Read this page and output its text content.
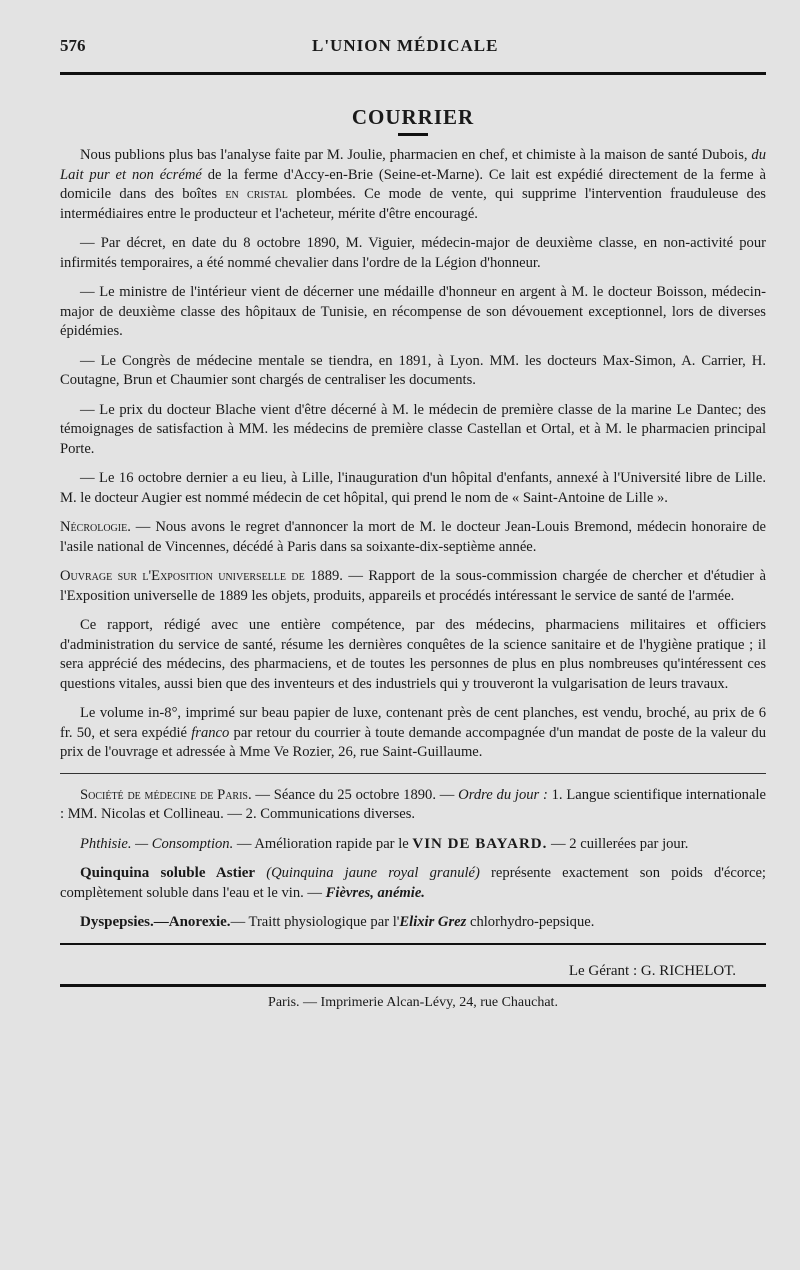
576	L'UNION MÉDICALE
COURRIER

Nous publions plus bas l'analyse faite par M. Joulie, pharmacien en chef, et chimiste à la maison de santé Dubois, du Lait pur et non écrémé de la ferme d'Accy-en-Brie (Seine-et-Marne). Ce lait est expédié directement de la ferme à domicile dans des boîtes en cristal plombées. Ce mode de vente, qui supprime l'intervention frauduleuse des intermédiaires entre le producteur et l'acheteur, mérite d'être encouragé.

— Par décret, en date du 8 octobre 1890, M. Viguier, médecin-major de deuxième classe, en non-activité pour infirmités temporaires, a été nommé chevalier dans l'ordre de la Légion d'honneur.

— Le ministre de l'intérieur vient de décerner une médaille d'honneur en argent à M. le docteur Boisson, médecin-major de deuxième classe des hôpitaux de Tunisie, en récompense de son dévouement exceptionnel, lors de diverses épidémies.

— Le Congrès de médecine mentale se tiendra, en 1891, à Lyon. MM. les docteurs Max-Simon, A. Carrier, H. Coutagne, Brun et Chaumier sont chargés de centraliser les documents.

— Le prix du docteur Blache vient d'être décerné à M. le médecin de première classe de la marine Le Dantec; des témoignages de satisfaction à MM. les médecins de première classe Castellan et Ortal, et à M. le pharmacien principal Porte.

— Le 16 octobre dernier a eu lieu, à Lille, l'inauguration d'un hôpital d'enfants, annexé à l'Université libre de Lille. M. le docteur Augier est nommé médecin de cet hôpital, qui prend le nom de « Saint-Antoine de Lille ».

Nécrologie. — Nous avons le regret d'annoncer la mort de M. le docteur Jean-Louis Bremond, médecin honoraire de l'asile national de Vincennes, décédé à Paris dans sa soixante-dix-septième année.

Ouvrage sur l'Exposition universelle de 1889. — Rapport de la sous-commission chargée de chercher et d'étudier à l'Exposition universelle de 1889 les objets, produits, appareils et procédés intéressant le service de santé de l'armée.

Ce rapport, rédigé avec une entière compétence, par des médecins, pharmaciens militaires et officiers d'administration du service de santé, résume les dernières conquêtes de la science sanitaire et de l'hygiène pratique ; il sera apprécié des médecins, des pharmaciens, et de toutes les personnes de plus en plus nombreuses qu'intéressent ces questions vitales, aussi bien que des inventeurs et des industriels qui y trouveront la vulgarisation de leurs travaux.

Le volume in-8°, imprimé sur beau papier de luxe, contenant près de cent planches, est vendu, broché, au prix de 6 fr. 50, et sera expédié franco par retour du courrier à toute demande accompagnée d'un mandat de poste de la valeur du prix de l'ouvrage et adressée à Mme Ve Rozier, 26, rue Saint-Guillaume.

Société de médecine de Paris. — Séance du 25 octobre 1890. — Ordre du jour : 1. Langue scientifique internationale : MM. Nicolas et Collineau. — 2. Communications diverses.

Phthisie. — Consomption. — Amélioration rapide par le VIN DE BAYARD. — 2 cuillerées par jour.

Quinquina soluble Astier (Quinquina jaune royal granulé) représente exactement son poids d'écorce; complètement soluble dans l'eau et le vin. — Fièvres, anémie.

Dyspepsies.—Anorexie.— Traitt physiologique par l'Elixir Grez chlorhydro-pepsique.

Le Gérant : G. RICHELOT.
Paris. — Imprimerie Alcan-Lévy, 24, rue Chauchat.
